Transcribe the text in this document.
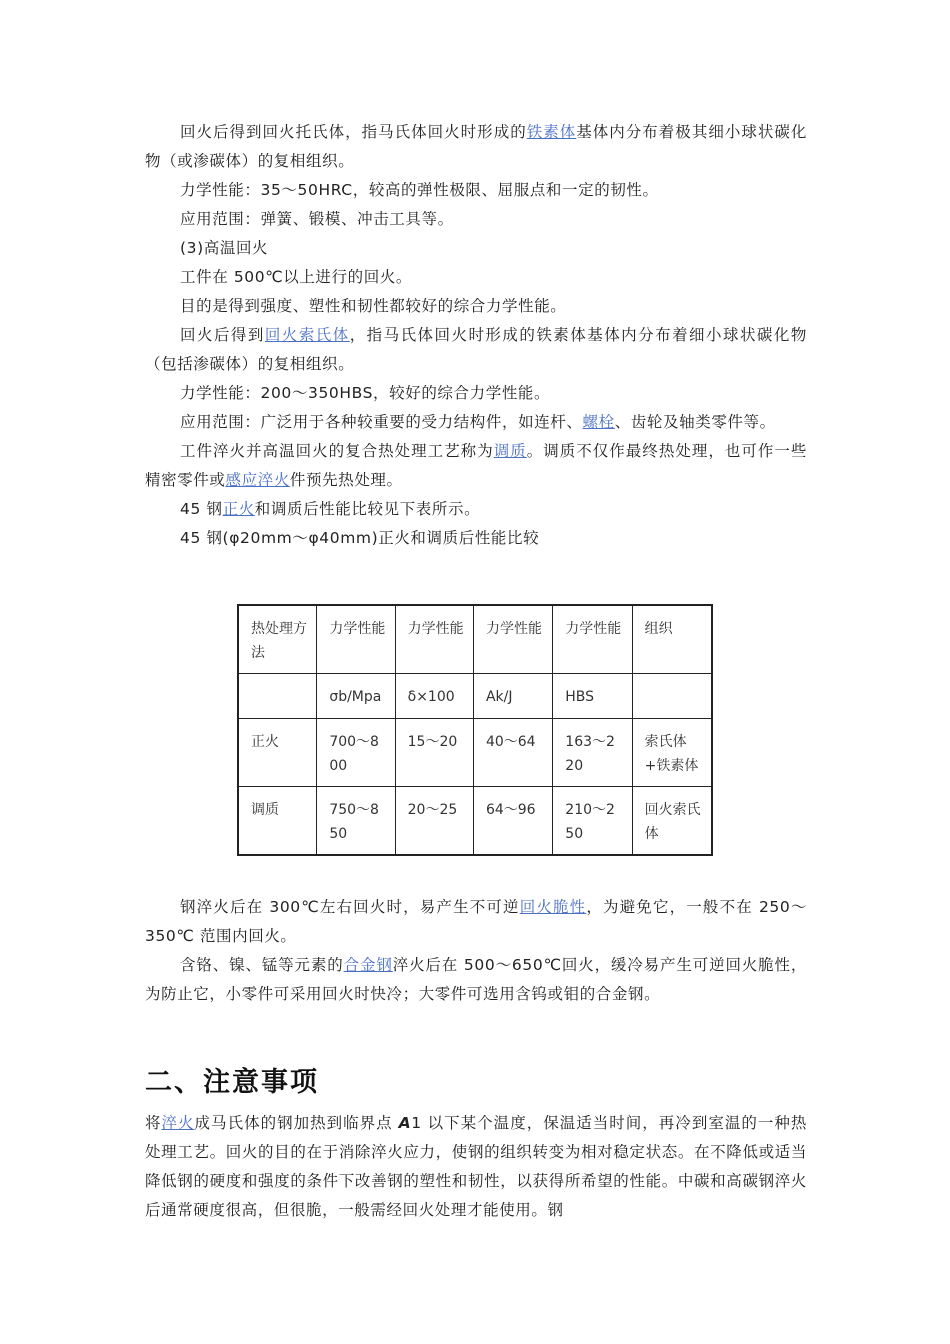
回火后得到回火托氏体，指马氏体回火时形成的铁素体基体内分布着极其细小球状碳化物（或渗碳体）的复相组织。

力学性能：35～50HRC，较高的弹性极限、屈服点和一定的韧性。

应用范围：弹簧、锻模、冲击工具等。

(3)高温回火

工件在 500℃以上进行的回火。

目的是得到强度、塑性和韧性都较好的综合力学性能。

回火后得到回火索氏体，指马氏体回火时形成的铁素体基体内分布着细小球状碳化物（包括渗碳体）的复相组织。

力学性能：200～350HBS，较好的综合力学性能。

应用范围：广泛用于各种较重要的受力结构件，如连杆、螺栓、齿轮及轴类零件等。

工件淬火并高温回火的复合热处理工艺称为调质。调质不仅作最终热处理，也可作一些精密零件或感应淬火件预先热处理。

45 钢正火和调质后性能比较见下表所示。

45 钢(φ20mm～φ40mm)正火和调质后性能比较

热处理方法	力学性能	力学性能	力学性能	力学性能	组织
	σb/Mpa	δ×100	Ak/J	HBS	
正火	700～800	15～20	40～64	163～220	索氏体+铁素体
调质	750～850	20～25	64～96	210～250	回火索氏体

钢淬火后在 300℃左右回火时，易产生不可逆回火脆性，为避免它，一般不在 250～350℃ 范围内回火。

含铬、镍、锰等元素的合金钢淬火后在 500～650℃回火，缓冷易产生可逆回火脆性，为防止它，小零件可采用回火时快冷；大零件可选用含钨或钼的合金钢。

二、注意事项

将淬火成马氏体的钢加热到临界点 A1 以下某个温度，保温适当时间，再冷到室温的一种热处理工艺。回火的目的在于消除淬火应力，使钢的组织转变为相对稳定状态。在不降低或适当降低钢的硬度和强度的条件下改善钢的塑性和韧性，以获得所希望的性能。中碳和高碳钢淬火后通常硬度很高，但很脆，一般需经回火处理才能使用。钢
